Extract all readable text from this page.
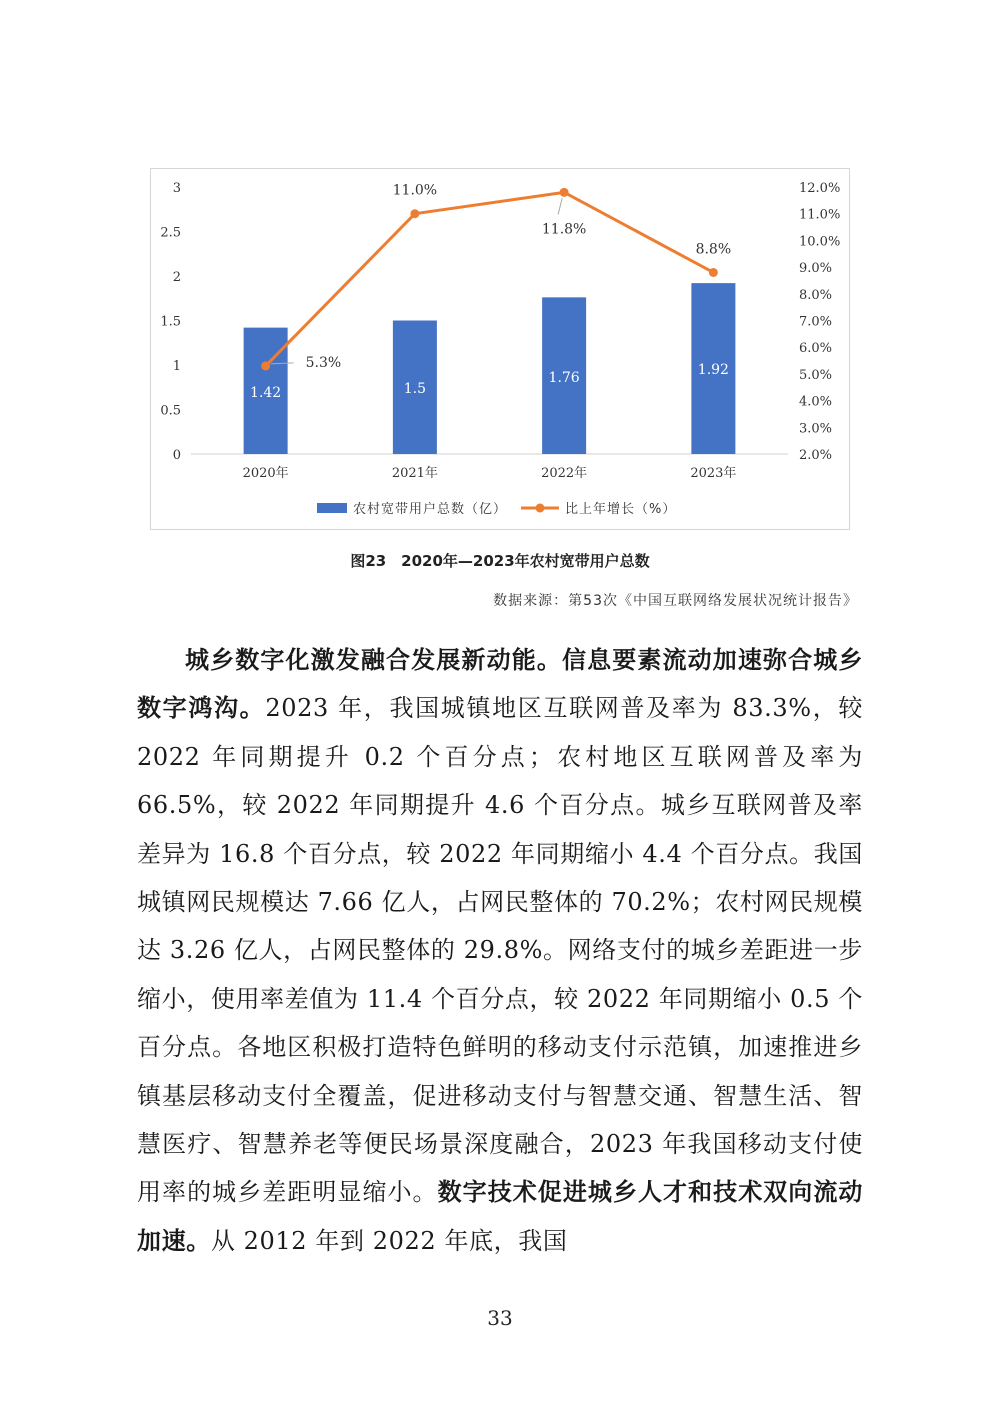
0
0.5
1
1.5
2
2.5
3
2.0%
3.0%
4.0%
5.0%
6.0%
7.0%
8.0%
9.0%
10.0%
11.0%
12.0%
1.42	1.5
1.76	1.92
2020年	2021年	2022年	2023年
5.3%
11.0%
11.8%
8.8%
农村宽带用户总数（亿）	比上年增长（%）
图23　2020年—2023年农村宽带用户总数
数据来源：第53次《中国互联网络发展状况统计报告》
城乡数字化激发融合发展新动能。信息要素流动加速弥合城乡数字鸿沟。2023 年，我国城镇地区互联网普及率为 83.3%，较 2022 年同期提升 0.2 个百分点；农村地区互联网普及率为 66.5%，较 2022 年同期提升 4.6 个百分点。城乡互联网普及率差异为 16.8 个百分点，较 2022 年同期缩小 4.4 个百分点。我国城镇网民规模达 7.66 亿人，占网民整体的 70.2%；农村网民规模达 3.26 亿人，占网民整体的 29.8%。网络支付的城乡差距进一步缩小，使用率差值为 11.4 个百分点，较 2022 年同期缩小 0.5 个百分点。各地区积极打造特色鲜明的移动支付示范镇，加速推进乡镇基层移动支付全覆盖，促进移动支付与智慧交通、智慧生活、智慧医疗、智慧养老等便民场景深度融合，2023 年我国移动支付使用率的城乡差距明显缩小。数字技术促进城乡人才和技术双向流动加速。从 2012 年到 2022 年底，我国
33
